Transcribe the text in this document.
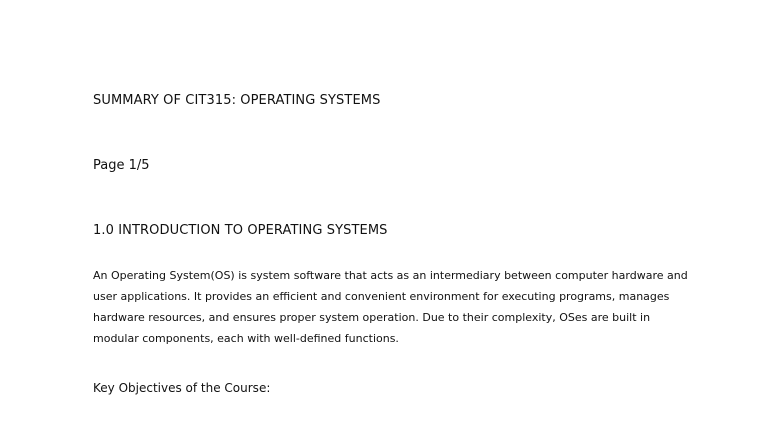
SUMMARY OF CIT315: OPERATING SYSTEMS
Page 1/5
1.0 INTRODUCTION TO OPERATING SYSTEMS

An Operating System(OS) is system software that acts as an intermediary between computer hardware and user applications. It provides an efficient and convenient environment for executing programs, manages hardware resources, and ensures proper system operation. Due to their complexity, OSes are built in modular components, each with well-defined functions.

Key Objectives of the Course:
